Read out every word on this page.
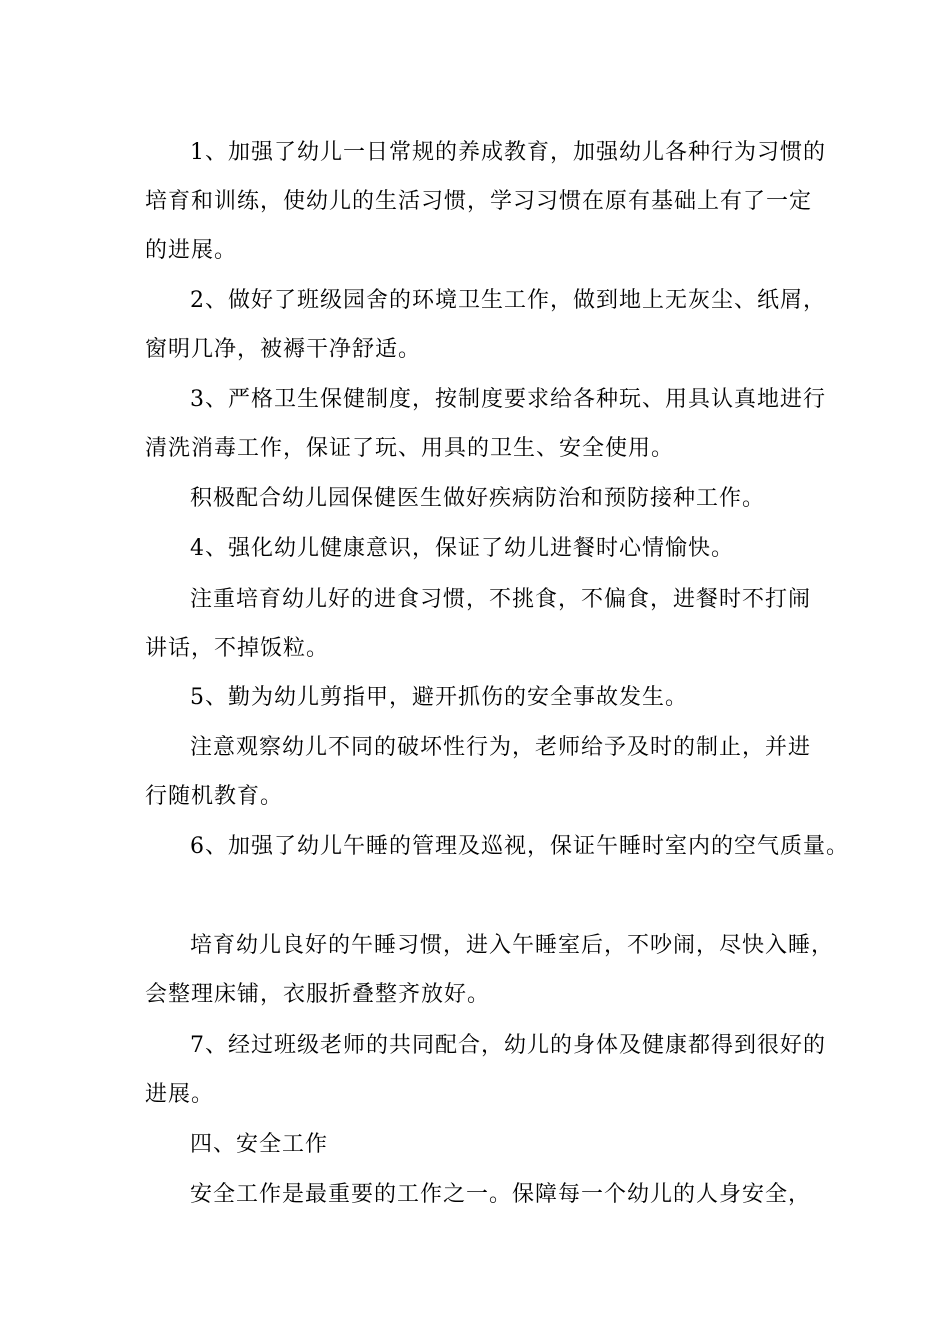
1、加强了幼儿一日常规的养成教育，加强幼儿各种行为习惯的
培育和训练，使幼儿的生活习惯，学习习惯在原有基础上有了一定
的进展。
2、做好了班级园舍的环境卫生工作，做到地上无灰尘、纸屑，
窗明几净，被褥干净舒适。
3、严格卫生保健制度，按制度要求给各种玩、用具认真地进行
清洗消毒工作，保证了玩、用具的卫生、安全使用。
积极配合幼儿园保健医生做好疾病防治和预防接种工作。
4、强化幼儿健康意识，保证了幼儿进餐时心情愉快。
注重培育幼儿好的进食习惯，不挑食，不偏食，进餐时不打闹
讲话，不掉饭粒。
5、勤为幼儿剪指甲，避开抓伤的安全事故发生。
注意观察幼儿不同的破坏性行为，老师给予及时的制止，并进
行随机教育。
6、加强了幼儿午睡的管理及巡视，保证午睡时室内的空气质量。
培育幼儿良好的午睡习惯，进入午睡室后，不吵闹，尽快入睡，
会整理床铺，衣服折叠整齐放好。
7、经过班级老师的共同配合，幼儿的身体及健康都得到很好的
进展。
四、安全工作
安全工作是最重要的工作之一。保障每一个幼儿的人身安全，
